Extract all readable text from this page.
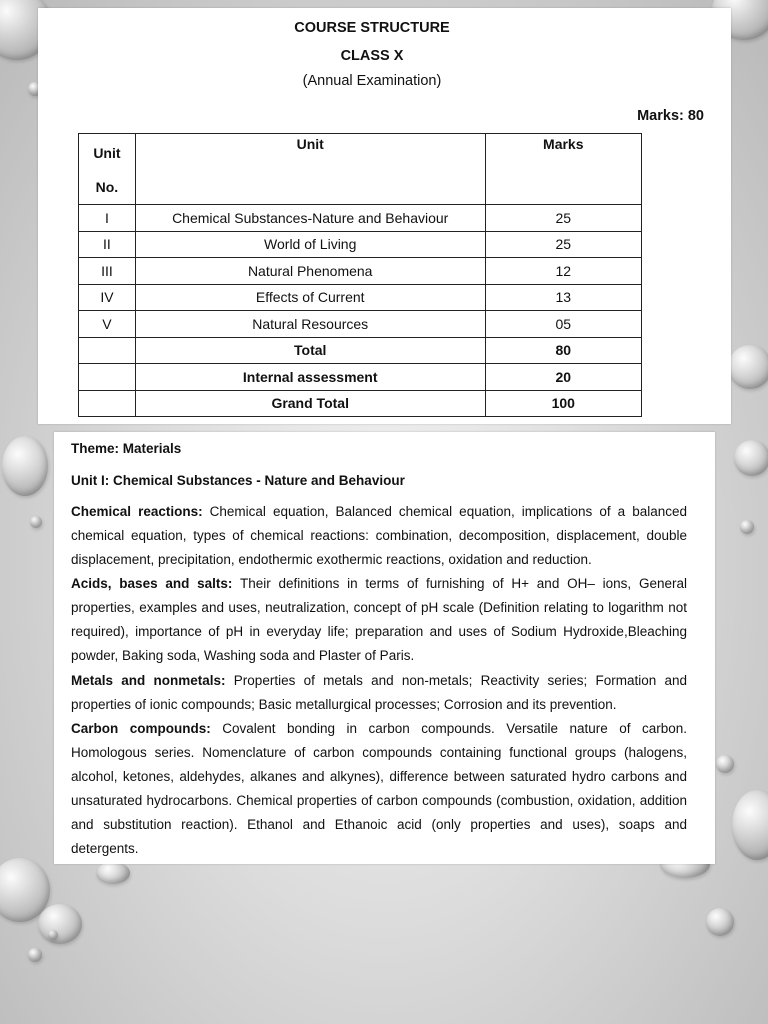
COURSE STRUCTURE
CLASS X
(Annual Examination)
Marks: 80
Unit
No.	Unit	Marks
I	Chemical Substances-Nature and Behaviour	25
II	World of Living	25
III	Natural Phenomena	12
IV	Effects of Current	13
V	Natural Resources	05
	Total	80
	Internal assessment	20
	Grand Total	100
Theme: Materials
Unit I: Chemical Substances - Nature and Behaviour

Chemical reactions: Chemical equation, Balanced chemical equation, implications of a balanced chemical equation, types of chemical reactions: combination, decomposition, displacement, double displacement, precipitation, endothermic exothermic reactions, oxidation and reduction.

Acids, bases and salts: Their definitions in terms of furnishing of H+ and OH– ions, General properties, examples and uses, neutralization, concept of pH scale (Definition relating to logarithm not required), importance of pH in everyday life; preparation and uses of Sodium Hydroxide,Bleaching powder, Baking soda, Washing soda and Plaster of Paris.

Metals and nonmetals: Properties of metals and non-metals; Reactivity series; Formation and properties of ionic compounds; Basic metallurgical processes; Corrosion and its prevention.

Carbon compounds: Covalent bonding in carbon compounds. Versatile nature of carbon. Homologous series. Nomenclature of carbon compounds containing functional groups (halogens, alcohol, ketones, aldehydes, alkanes and alkynes), difference between saturated hydro carbons and unsaturated hydrocarbons. Chemical properties of carbon compounds (combustion, oxidation, addition and substitution reaction). Ethanol and Ethanoic acid (only properties and uses), soaps and detergents.
